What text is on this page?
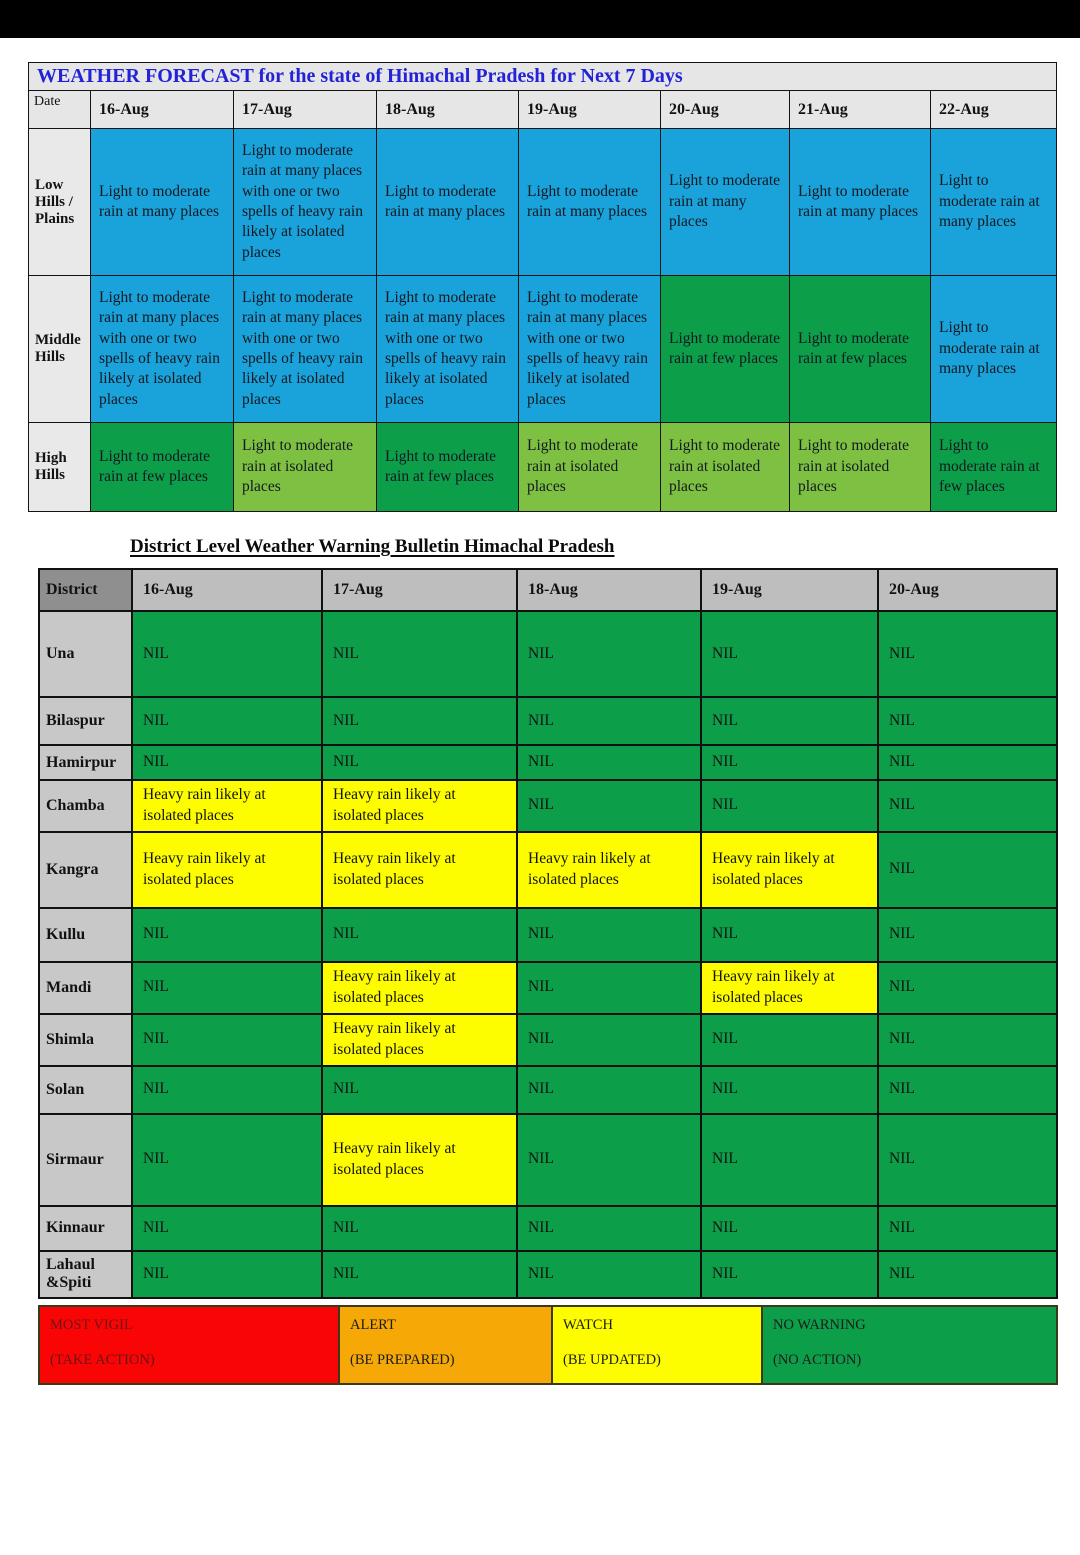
WEATHER FORECAST for the state of Himachal Pradesh for Next 7 Days							
Date	16-Aug	17-Aug	18-Aug	19-Aug	20-Aug	21-Aug	22-Aug
Low Hills / Plains	Light to moderate rain at many places	Light to moderate rain at many places with one or two spells of heavy rain likely at isolated places	Light to moderate rain at many places	Light to moderate rain at many places	Light to moderate rain at many places	Light to moderate rain at many places	Light to moderate rain at many places
Middle Hills	Light to moderate rain at many places with one or two spells of heavy rain likely at isolated places	Light to moderate rain at many places with one or two spells of heavy rain likely at isolated places	Light to moderate rain at many places with one or two spells of heavy rain likely at isolated places	Light to moderate rain at many places with one or two spells of heavy rain likely at isolated places	Light to moderate rain at few places	Light to moderate rain at few places	Light to moderate rain at many places
High Hills	Light to moderate rain at few places	Light to moderate rain at isolated places	Light to moderate rain at few places	Light to moderate rain at isolated places	Light to moderate rain at isolated places	Light to moderate rain at isolated places	Light to moderate rain at few places
District Level Weather Warning Bulletin Himachal Pradesh
District	16-Aug	17-Aug	18-Aug	19-Aug	20-Aug
Una	NIL	NIL	NIL	NIL	NIL
Bilaspur	NIL	NIL	NIL	NIL	NIL
Hamirpur	NIL	NIL	NIL	NIL	NIL
Chamba	Heavy rain likely at isolated places	Heavy rain likely at isolated places	NIL	NIL	NIL
Kangra	Heavy rain likely at isolated places	Heavy rain likely at isolated places	Heavy rain likely at isolated places	Heavy rain likely at isolated places	NIL
Kullu	NIL	NIL	NIL	NIL	NIL
Mandi	NIL	Heavy rain likely at isolated places	NIL	Heavy rain likely at isolated places	NIL
Shimla	NIL	Heavy rain likely at isolated places	NIL	NIL	NIL
Solan	NIL	NIL	NIL	NIL	NIL
Sirmaur	NIL	Heavy rain likely at isolated places	NIL	NIL	NIL
Kinnaur	NIL	NIL	NIL	NIL	NIL
Lahaul &Spiti	NIL	NIL	NIL	NIL	NIL
MOST VIGIL
(TAKE ACTION)

ALERT
(BE PREPARED)

WATCH
(BE UPDATED)

NO WARNING
(NO ACTION)
